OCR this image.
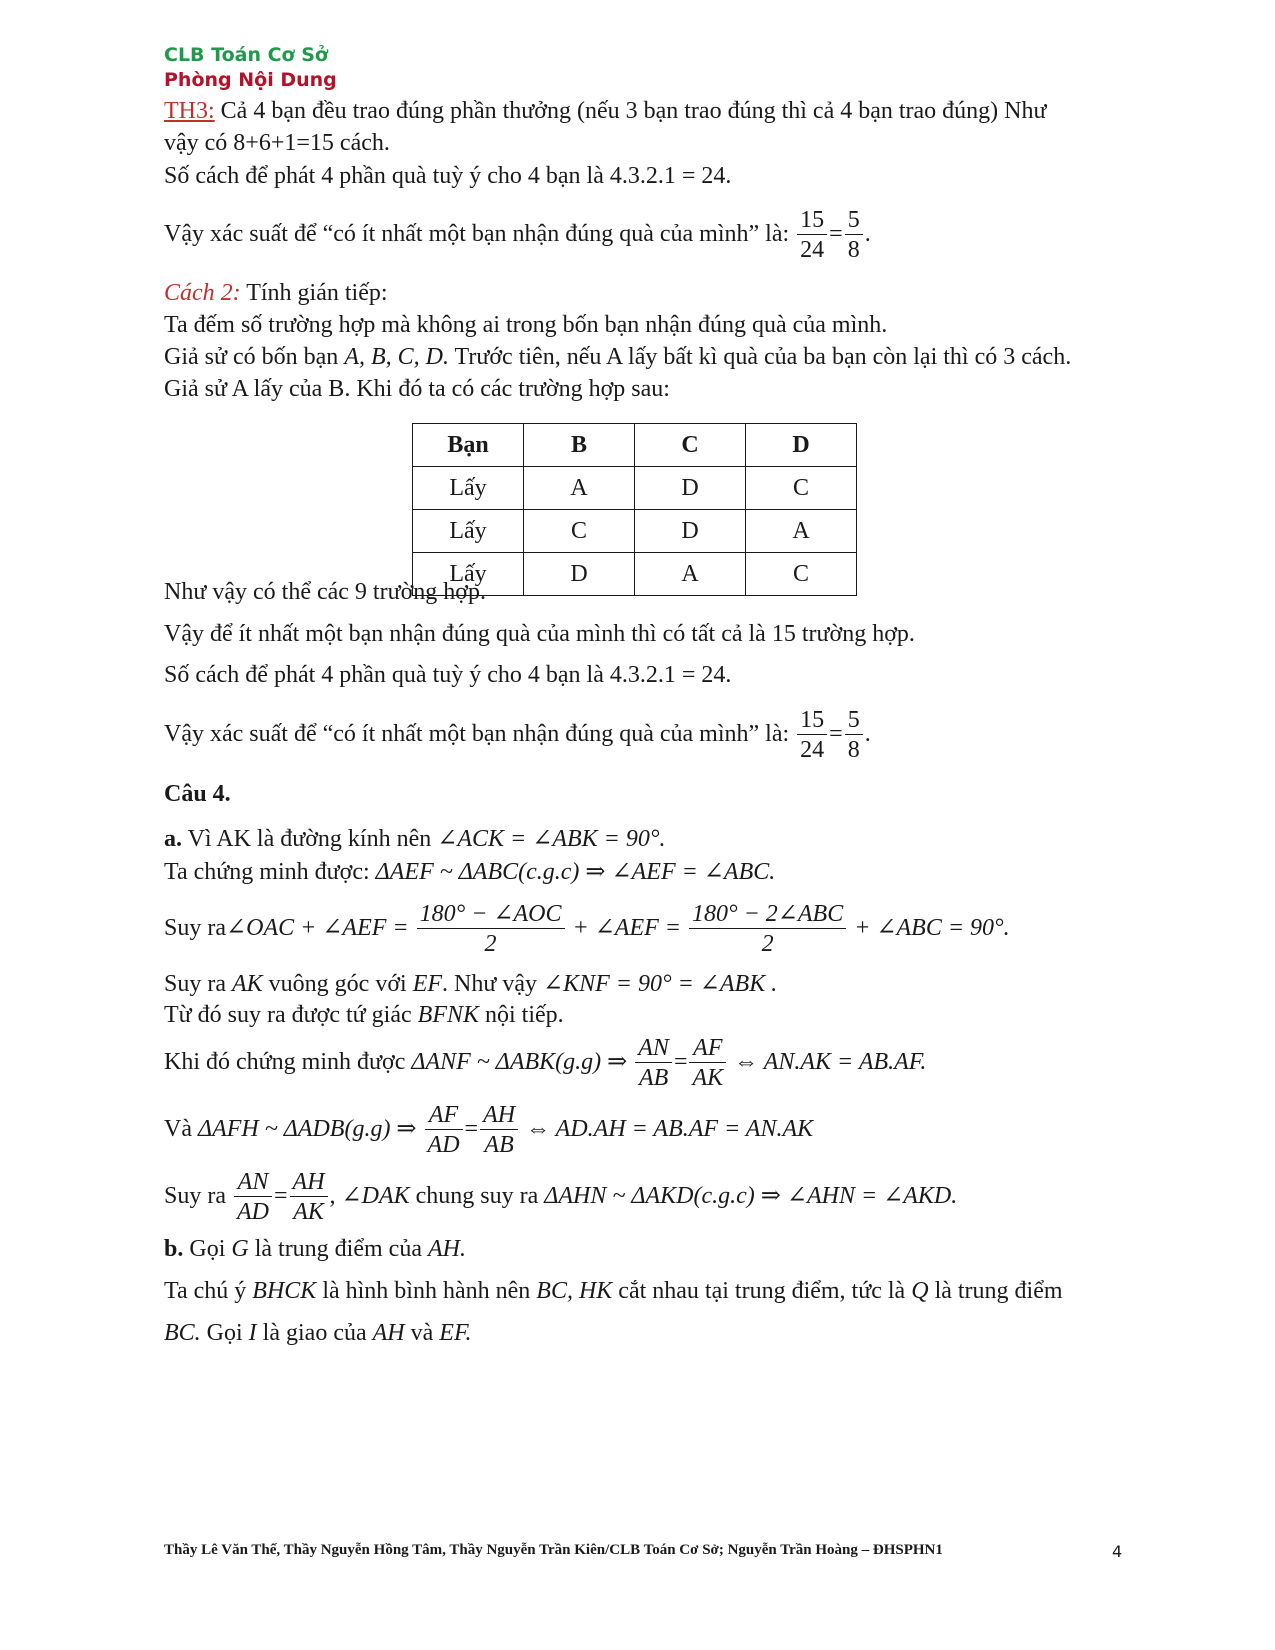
CLB Toán Cơ Sở
Phòng Nội Dung
TH3: Cả 4 bạn đều trao đúng phần thưởng (nếu 3 bạn trao đúng thì cả 4 bạn trao đúng) Như
vậy có 8+6+1=15 cách.
Số cách để phát 4 phần quà tuỳ ý cho 4 bạn là 4.3.2.1 = 24.
Vậy xác suất để “có ít nhất một bạn nhận đúng quà của mình” là: $\frac{15}{24} = \frac{5}{8}$ .
Cách 2: Tính gián tiếp:
Ta đếm số trường hợp mà không ai trong bốn bạn nhận đúng quà của mình.
Giả sử có bốn bạn A, B, C, D. Trước tiên, nếu A lấy bất kì quà của ba bạn còn lại thì có 3 cách.
Giả sử A lấy của B. Khi đó ta có các trường hợp sau:
Bạn	B	C	D
Lấy	A	D	C
Lấy	C	D	A
Lấy	D	A	C
Như vậy có thể các 9 trường hợp.
Vậy để ít nhất một bạn nhận đúng quà của mình thì có tất cả là 15 trường hợp.
Số cách để phát 4 phần quà tuỳ ý cho 4 bạn là 4.3.2.1 = 24.
Vậy xác suất để “có ít nhất một bạn nhận đúng quà của mình” là: $\frac{15}{24} = \frac{5}{8}$ .
Câu 4.
a. Vì AK là đường kính nên ∠ACK = ∠ABK = 90°.
Ta chứng minh được: ΔAEF ~ ΔABC(c.g.c) ⇒ ∠AEF = ∠ABC.
Suy ra∠OAC + ∠AEF = $\frac{\text{180° − ∠AOC}}{2}$ + ∠AEF = $\frac{\text{180° − 2∠ABC}}{2}$ + ∠ABC = 90°.
Suy ra AK vuông góc với EF. Như vậy ∠KNF = 90° = ∠ABK .
Từ đó suy ra được tứ giác BFNK nội tiếp.
Khi đó chứng minh được ΔANF ~ ΔABK(g.g) ⇒ $\frac{AN}{AB} = \frac{AF}{AK}$ ⇔ AN.AK = AB.AF.
Và ΔAFH ~ ΔADB(g.g) ⇒ $\frac{AF}{AD} = \frac{AH}{AB}$ ⇔ AD.AH = AB.AF = AN.AK
Suy ra $\frac{AN}{AD} = \frac{AH}{AK}$ , ∠DAK chung suy ra ΔAHN ~ ΔAKD(c.g.c) ⇒ ∠AHN = ∠AKD.
b. Gọi G là trung điểm của AH.
Ta chú ý BHCK là hình bình hành nên BC, HK cắt nhau tại trung điểm, tức là Q là trung điểm
BC. Gọi I là giao của AH và EF.
Thầy Lê Văn Thế, Thầy Nguyễn Hồng Tâm, Thầy Nguyễn Trần Kiên/CLB Toán Cơ Sở; Nguyễn Trần Hoàng – ĐHSPHN1	4
